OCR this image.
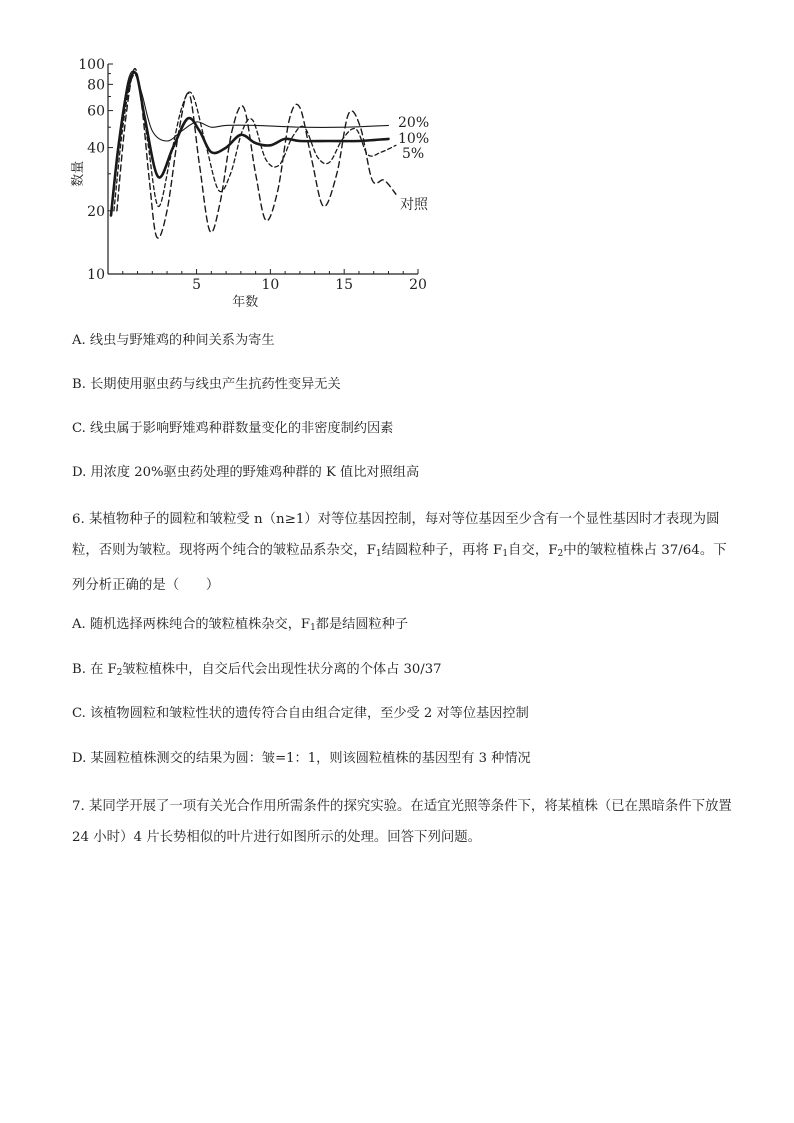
10
20
40
60
80
100
5	10	15	20
年数
数量
20%
10%
5%
对照
A. 线虫与野雉鸡的种间关系为寄生
B. 长期使用驱虫药与线虫产生抗药性变异无关
C. 线虫属于影响野雉鸡种群数量变化的非密度制约因素
D. 用浓度 20%驱虫药处理的野雉鸡种群的 K 值比对照组高
6. 某植物种子的圆粒和皱粒受 n（n≥1）对等位基因控制，每对等位基因至少含有一个显性基因时才表现为圆粒，否则为皱粒。现将两个纯合的皱粒品系杂交，$F_1$结圆粒种子，再将 $F_1$自交，$F_2$中的皱粒植株占 37/64。下列分析正确的是（　　）
A. 随机选择两株纯合的皱粒植株杂交，$F_1$都是结圆粒种子
B. 在 $F_2$皱粒植株中，自交后代会出现性状分离的个体占 30/37
C. 该植物圆粒和皱粒性状的遗传符合自由组合定律，至少受 2 对等位基因控制
D. 某圆粒植株测交的结果为圆：皱=1：1，则该圆粒植株的基因型有 3 种情况
7. 某同学开展了一项有关光合作用所需条件的探究实验。在适宜光照等条件下，将某植株（已在黑暗条件下放置 24 小时）4 片长势相似的叶片进行如图所示的处理。回答下列问题。
